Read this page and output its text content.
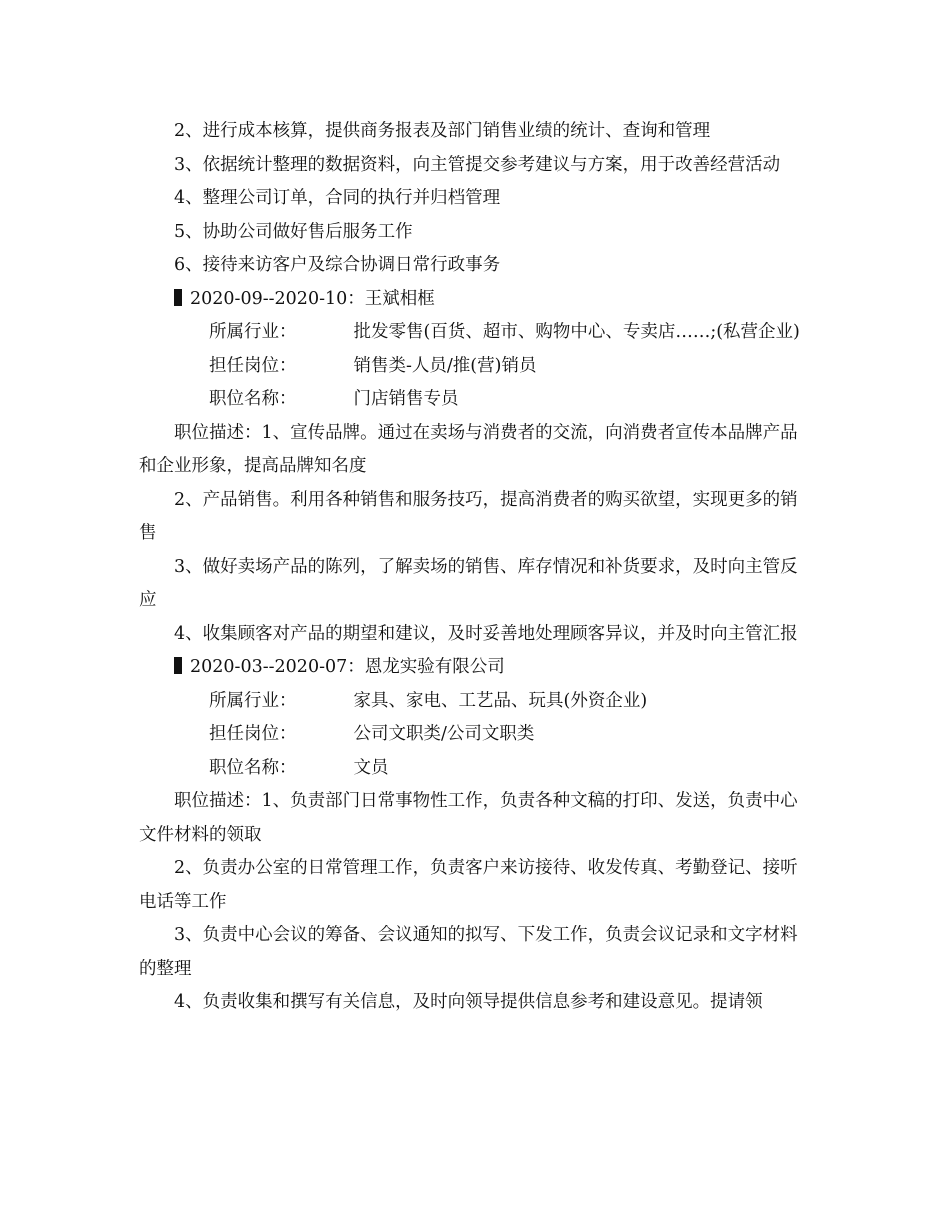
2、进行成本核算，提供商务报表及部门销售业绩的统计、查询和管理

3、依据统计整理的数据资料，向主管提交参考建议与方案，用于改善经营活动

4、整理公司订单，合同的执行并归档管理

5、协助公司做好售后服务工作

6、接待来访客户及综合协调日常行政事务

2020-09--2020-10：王斌相框

所属行业：	批发零售(百货、超市、购物中心、专卖店……;(私营企业)

担任岗位：	销售类-人员/推(营)销员

职位名称：	门店销售专员

职位描述：1、宣传品牌。通过在卖场与消费者的交流，向消费者宣传本品牌产品和企业形象，提高品牌知名度

2、产品销售。利用各种销售和服务技巧，提高消费者的购买欲望，实现更多的销售

3、做好卖场产品的陈列，了解卖场的销售、库存情况和补货要求，及时向主管反应

4、收集顾客对产品的期望和建议，及时妥善地处理顾客异议，并及时向主管汇报

2020-03--2020-07：恩龙实验有限公司

所属行业：	家具、家电、工艺品、玩具(外资企业)

担任岗位：	公司文职类/公司文职类

职位名称：	文员

职位描述：1、负责部门日常事物性工作，负责各种文稿的打印、发送，负责中心文件材料的领取

2、负责办公室的日常管理工作，负责客户来访接待、收发传真、考勤登记、接听电话等工作

3、负责中心会议的筹备、会议通知的拟写、下发工作，负责会议记录和文字材料的整理

4、负责收集和撰写有关信息，及时向领导提供信息参考和建设意见。提请领
